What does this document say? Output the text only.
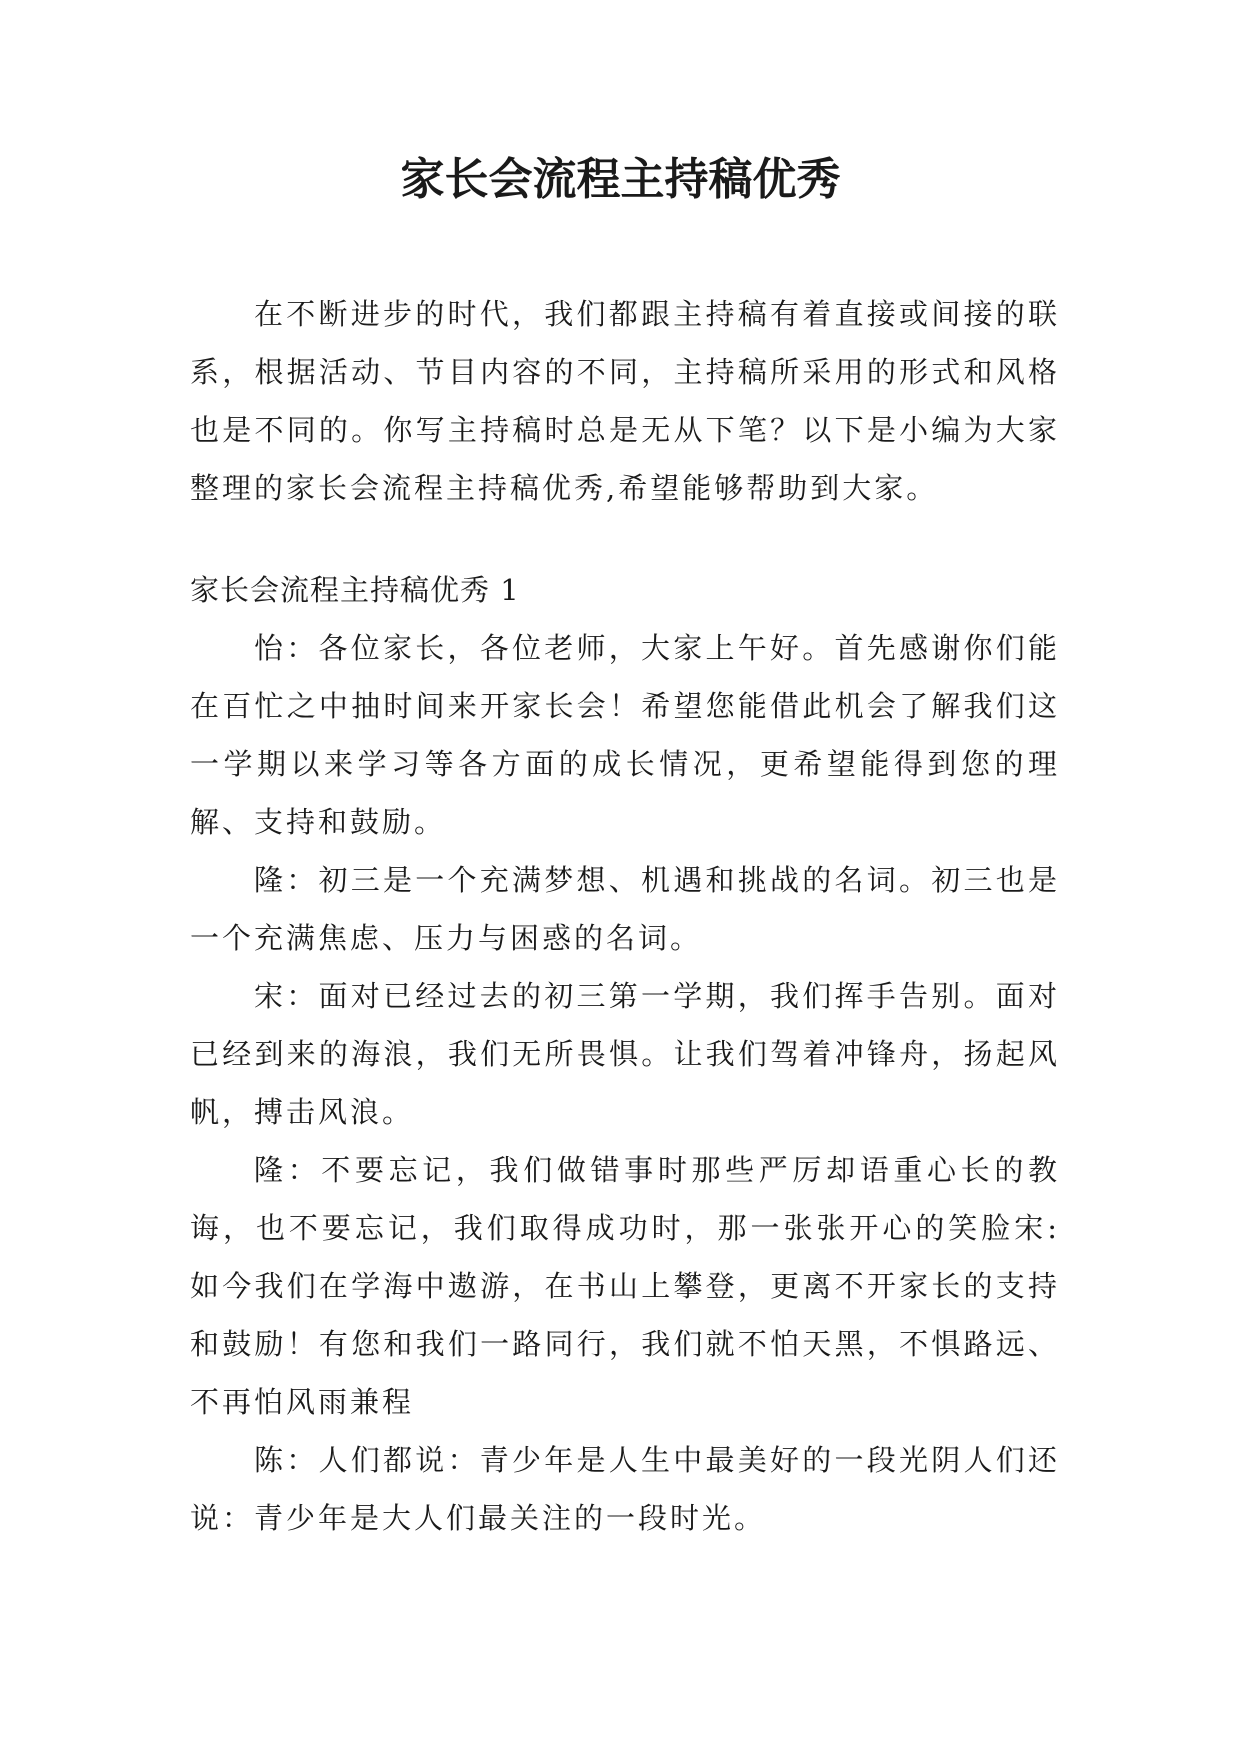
家长会流程主持稿优秀

在不断进步的时代，我们都跟主持稿有着直接或间接的联系，根据活动、节目内容的不同，主持稿所采用的形式和风格也是不同的。你写主持稿时总是无从下笔？以下是小编为大家整理的家长会流程主持稿优秀,希望能够帮助到大家。

家长会流程主持稿优秀 1

怡：各位家长，各位老师，大家上午好。首先感谢你们能在百忙之中抽时间来开家长会！希望您能借此机会了解我们这一学期以来学习等各方面的成长情况，更希望能得到您的理解、支持和鼓励。

隆：初三是一个充满梦想、机遇和挑战的名词。初三也是一个充满焦虑、压力与困惑的名词。

宋：面对已经过去的初三第一学期，我们挥手告别。面对已经到来的海浪，我们无所畏惧。让我们驾着冲锋舟，扬起风帆，搏击风浪。

隆：不要忘记，我们做错事时那些严厉却语重心长的教诲，也不要忘记，我们取得成功时，那一张张开心的笑脸宋:如今我们在学海中遨游，在书山上攀登，更离不开家长的支持和鼓励！有您和我们一路同行，我们就不怕天黑，不惧路远、不再怕风雨兼程

陈：人们都说：青少年是人生中最美好的一段光阴人们还说：青少年是大人们最关注的一段时光。
